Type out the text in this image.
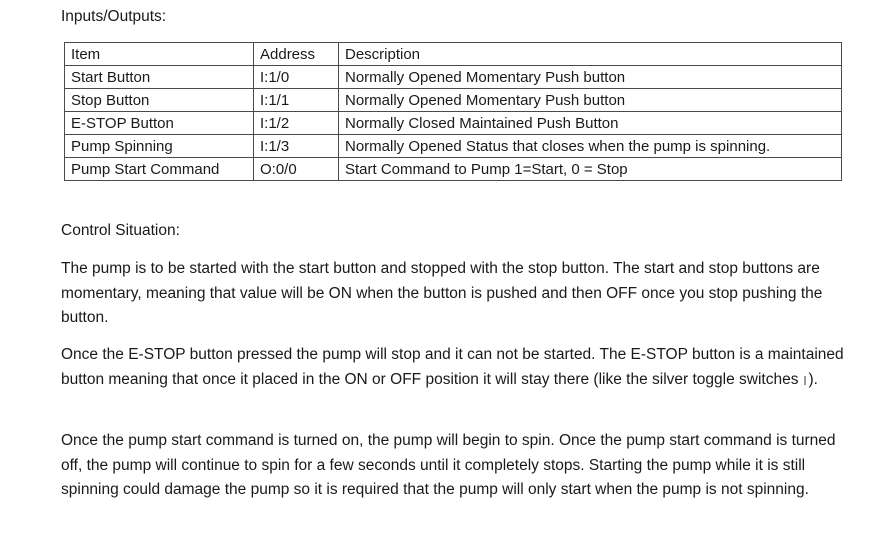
Inputs/Outputs:
Item	Address	Description
Start Button	I:1/0	Normally Opened Momentary Push button
Stop Button	I:1/1	Normally Opened Momentary Push button
E-STOP Button	I:1/2	Normally Closed Maintained Push Button
Pump Spinning	I:1/3	Normally Opened Status that closes when the pump is spinning.
Pump Start Command	O:0/0	Start Command to Pump 1=Start, 0 = Stop
Control Situation:
The pump is to be started with the start button and stopped with the stop button. The start and stop buttons are momentary, meaning that value will be ON when the button is pushed and then OFF once you stop pushing the button.
Once the E-STOP button pressed the pump will stop and it can not be started. The E-STOP button is a maintained button meaning that once it placed in the ON or OFF position it will stay there (like the silver toggle switches ).
Once the pump start command is turned on, the pump will begin to spin. Once the pump start command is turned off, the pump will continue to spin for a few seconds until it completely stops. Starting the pump while it is still spinning could damage the pump so it is required that the pump will only start when the pump is not spinning.
